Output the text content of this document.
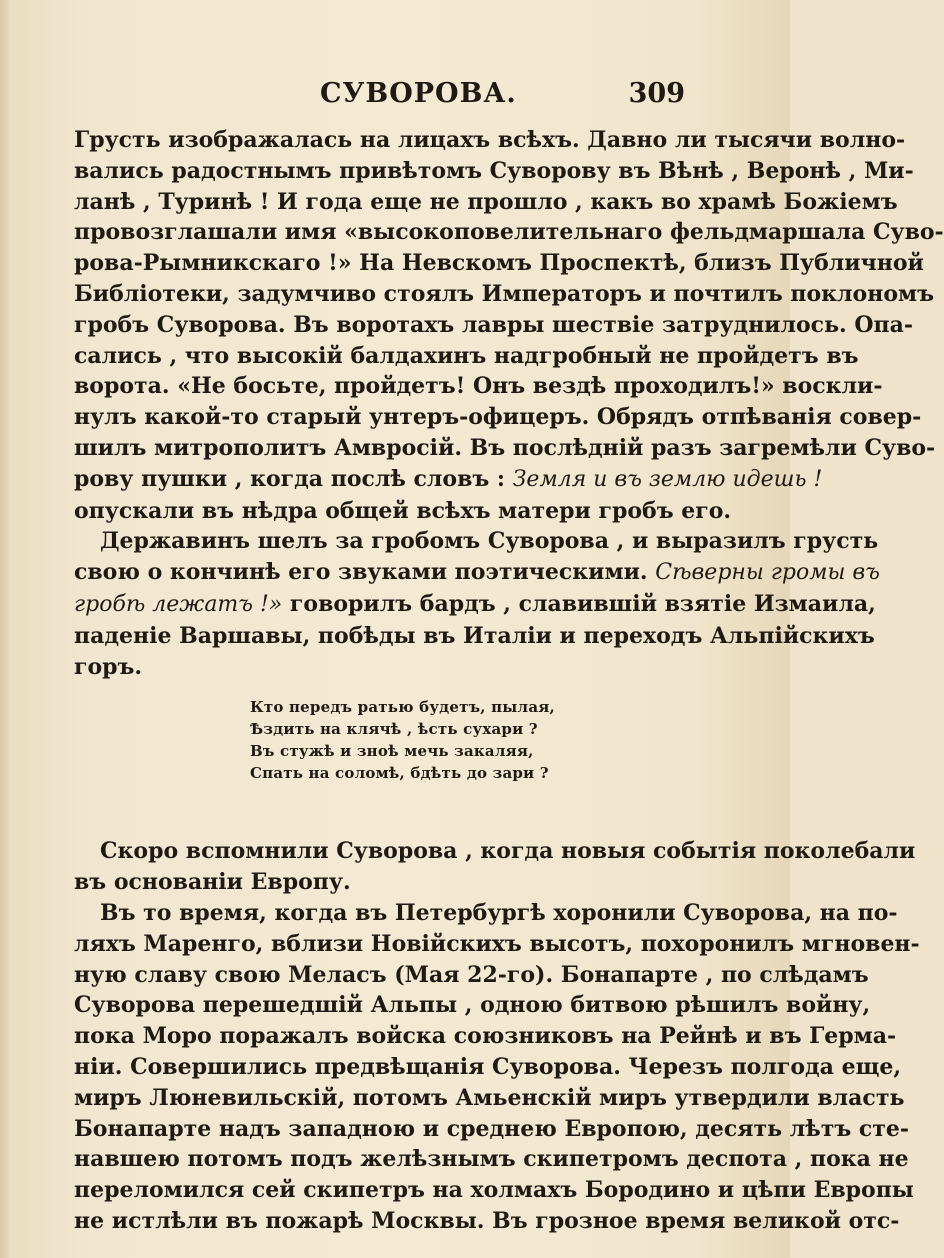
СУВОРОВА.	309
Грусть изображалась на лицахъ всѣхъ. Давно ли тысячи волно-
вались радостнымъ привѣтомъ Суворову въ Вѣнѣ , Веронѣ , Ми-
ланѣ , Туринѣ ! И года еще не прошло , какъ во храмѣ Божіемъ
провозглашали имя «высокоповелительнаго фельдмаршала Суво-
рова-Рымникскаго !» На Невскомъ Проспектѣ, близъ Публичной
Библіотеки, задумчиво стоялъ Императоръ и почтилъ поклономъ
гробъ Суворова. Въ воротахъ лавры шествіе затруднилось. Опа-
сались , что высокій балдахинъ надгробный не пройдетъ въ
ворота. «Не босьте, пройдетъ! Онъ вездѣ проходилъ!» воскли-
нулъ какой-то старый унтеръ-офицеръ. Обрядъ отпѣванія совер-
шилъ митрополитъ Амвросій. Въ послѣдній разъ загремѣли Суво-
рову пушки , когда послѣ словъ : Земля и въ землю идешь !
опускали въ нѣдра общей всѣхъ матери гробъ его.
Державинъ шелъ за гробомъ Суворова , и выразилъ грусть
свою о кончинѣ его звуками поэтическими. Сѣверны громы въ
гробѣ лежатъ !» говорилъ бардъ , славившій взятіе Измаила,
паденіе Варшавы, побѣды въ Италіи и переходъ Альпійскихъ
горъ.
Кто передъ ратью будетъ, пылая,
Ѣздить на клячѣ , ѣсть сухари ?
Въ стужѣ и зноѣ мечь закаляя,
Спать на соломѣ, бдѣть до зари ?
Скоро вспомнили Суворова , когда новыя событія поколебали
въ основаніи Европу.
Въ то время, когда въ Петербургѣ хоронили Суворова, на по-
ляхъ Маренго, вблизи Новійскихъ высотъ, похоронилъ мгновен-
ную славу свою Меласъ (Мая 22-го). Бонапарте , по слѣдамъ
Суворова перешедшій Альпы , одною битвою рѣшилъ войну,
пока Моро поражалъ войска союзниковъ на Рейнѣ и въ Герма-
ніи. Совершились предвѣщанія Суворова. Черезъ полгода еще,
миръ Люневильскій, потомъ Амьенскій миръ утвердили власть
Бонапарте надъ западною и среднею Европою, десять лѣтъ сте-
навшею потомъ подъ желѣзнымъ скипетромъ деспота , пока не
переломился сей скипетръ на холмахъ Бородино и цѣпи Европы
не истлѣли въ пожарѣ Москвы. Въ грозное время великой отс-
